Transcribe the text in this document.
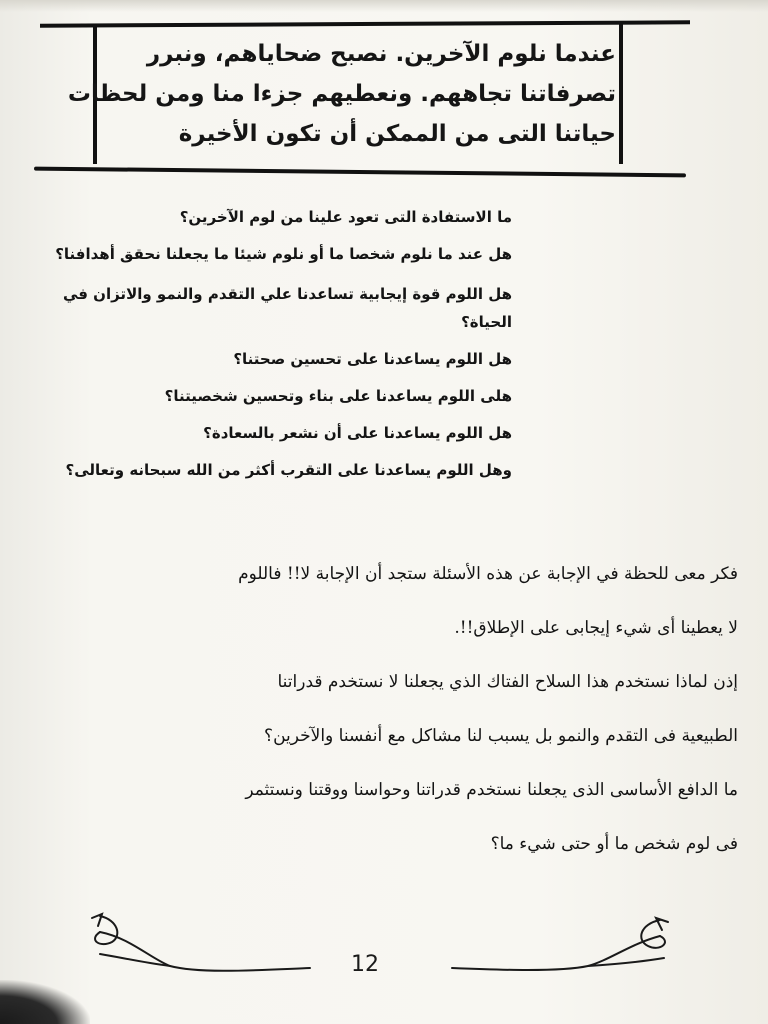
عندما نلوم الآخرين. نصبح ضحاياهم، ونبرر
تصرفاتنا تجاههم. ونعطيهم جزءا منا ومن لحظات
حياتنا التى من الممكن أن تكون الأخيرة
ما الاستفادة التى تعود علينا من لوم الآخرين؟
هل عند ما نلوم شخصا ما أو نلوم شيئا ما يجعلنا نحقق أهدافنا؟
هل اللوم قوة إيجابية تساعدنا علي التقدم والنمو والاتزان في الحياة؟
هل اللوم يساعدنا على تحسين صحتنا؟
هلى اللوم يساعدنا على بناء وتحسين شخصيتنا؟
هل اللوم يساعدنا على أن نشعر بالسعادة؟
وهل اللوم يساعدنا على التقرب أكثر من الله سبحانه وتعالى؟
فكر معى للحظة في الإجابة عن هذه الأسئلة ستجد أن الإجابة لا!! فاللوم
لا يعطينا أى شيء إيجابى على الإطلاق!!.
إذن لماذا نستخدم هذا السلاح الفتاك الذي يجعلنا لا نستخدم قدراتنا
الطبيعية فى التقدم والنمو بل يسبب لنا مشاكل مع أنفسنا والآخرين؟
ما الدافع الأساسى الذى يجعلنا نستخدم قدراتنا وحواسنا ووقتنا ونستثمر
فى لوم شخص ما أو حتى شيء ما؟
12
